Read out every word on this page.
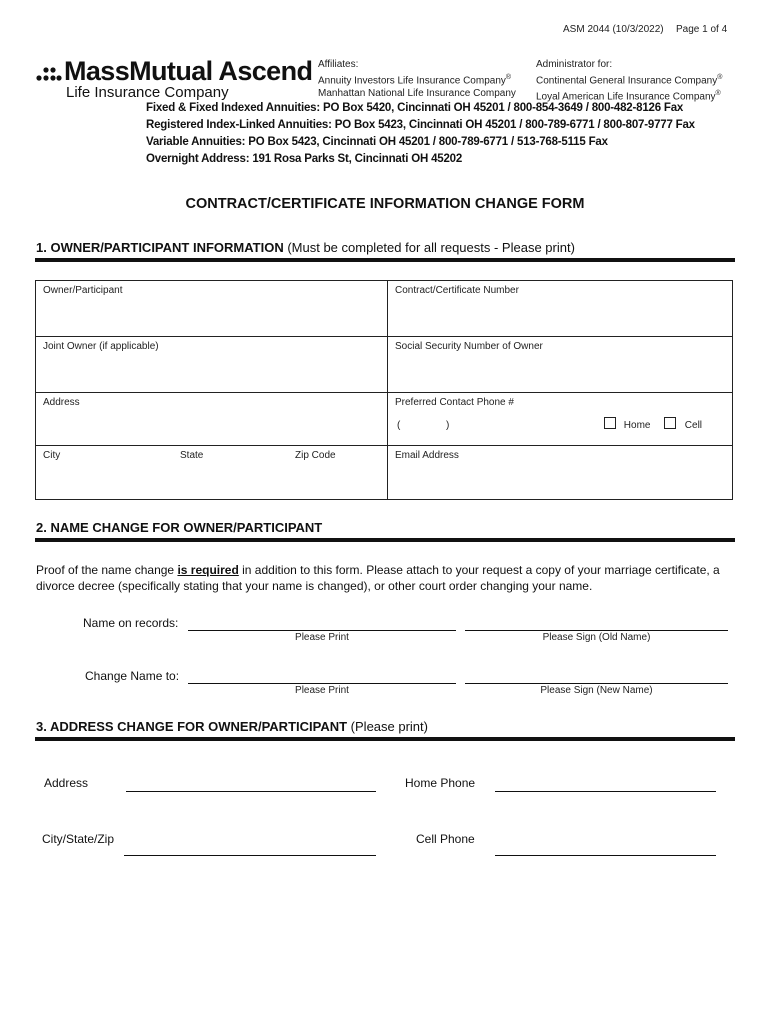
ASM 2044 (10/3/2022) Page 1 of 4
MassMutual Ascend
Life Insurance Company
Affiliates:
Annuity Investors Life Insurance Company®
Manhattan National Life Insurance Company
Administrator for:
Continental General Insurance Company®
Loyal American Life Insurance Company®
Fixed & Fixed Indexed Annuities: PO Box 5420, Cincinnati OH 45201 / 800-854-3649 / 800-482-8126 Fax
Registered Index-Linked Annuities: PO Box 5423, Cincinnati OH 45201 / 800-789-6771 / 800-807-9777 Fax
Variable Annuities: PO Box 5423, Cincinnati OH 45201 / 800-789-6771 / 513-768-5115 Fax
Overnight Address: 191 Rosa Parks St, Cincinnati OH 45202
CONTRACT/CERTIFICATE INFORMATION CHANGE FORM
1. OWNER/PARTICIPANT INFORMATION (Must be completed for all requests - Please print)
Owner/Participant	Contract/Certificate Number
Joint Owner (if applicable)	Social Security Number of Owner
Address	Preferred Contact Phone #
(	)	Home	Cell
City	State	Zip Code	Email Address
2. NAME CHANGE FOR OWNER/PARTICIPANT
Proof of the name change is required in addition to this form. Please attach to your request a copy of your marriage certificate, a divorce decree (specifically stating that your name is changed), or other court order changing your name.
Name on records:
Please Print	Please Sign (Old Name)
Change Name to:
Please Print	Please Sign (New Name)
3. ADDRESS CHANGE FOR OWNER/PARTICIPANT (Please print)
Address	Home Phone
City/State/Zip	Cell Phone
